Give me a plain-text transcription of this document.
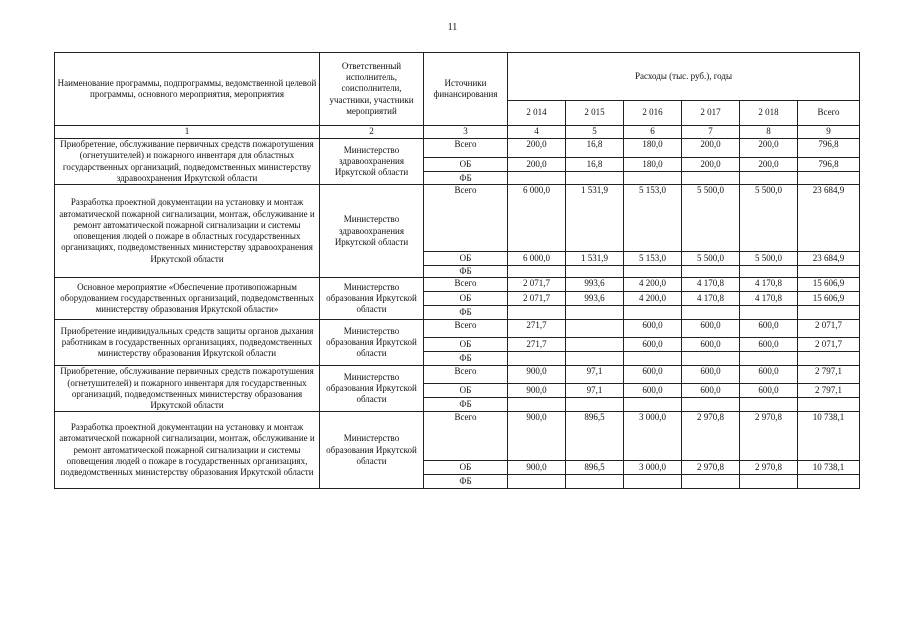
11
Наименование программы, подпрограммы, ведомственной целевой программы, основного мероприятия, мероприятия	Ответственный исполнитель, соисполнители, участники, участники мероприятий	Источники финансирования	Расходы (тыс. руб.), годы					
			2 014	2 015	2 016	2 017	2 018	Всего
1	2	3	4	5	6	7	8	9
Приобретение, обслуживание первичных средств пожаротушения (огнетушителей) и пожарного инвентаря для областных государственных организаций, подведомственных министерству здравоохранения Иркутской области	Министерство здравоохранения Иркутской области	Всего	200,0	16,8	180,0	200,0	200,0	796,8
		ОБ	200,0	16,8	180,0	200,0	200,0	796,8
		ФБ						
Разработка проектной документации на установку и монтаж автоматической пожарной сигнализации, монтаж, обслуживание и ремонт автоматической пожарной сигнализации и системы оповещения людей о пожаре в областных государственных организациях, подведомственных министерству здравоохранения Иркутской области	Министерство здравоохранения Иркутской области	Всего	6 000,0	1 531,9	5 153,0	5 500,0	5 500,0	23 684,9
		ОБ	6 000,0	1 531,9	5 153,0	5 500,0	5 500,0	23 684,9
		ФБ						
Основное мероприятие «Обеспечение противопожарным оборудованием государственных организаций, подведомственных министерству образования Иркутской области»	Министерство образования Иркутской области	Всего	2 071,7	993,6	4 200,0	4 170,8	4 170,8	15 606,9
		ОБ	2 071,7	993,6	4 200,0	4 170,8	4 170,8	15 606,9
		ФБ						
Приобретение индивидуальных средств защиты органов дыхания работникам в государственных организациях, подведомственных министерству образования Иркутской области	Министерство образования Иркутской области	Всего	271,7		600,0	600,0	600,0	2 071,7
		ОБ	271,7		600,0	600,0	600,0	2 071,7
		ФБ						
Приобретение, обслуживание первичных средств пожаротушения (огнетушителей) и пожарного инвентаря для государственных организаций, подведомственных министерству образования Иркутской области	Министерство образования Иркутской области	Всего	900,0	97,1	600,0	600,0	600,0	2 797,1
		ОБ	900,0	97,1	600,0	600,0	600,0	2 797,1
		ФБ						
Разработка проектной документации на установку и монтаж автоматической пожарной сигнализации, монтаж, обслуживание и ремонт автоматической пожарной сигнализации и системы оповещения людей о пожаре в государственных организациях, подведомственных министерству образования Иркутской области	Министерство образования Иркутской области	Всего	900,0	896,5	3 000,0	2 970,8	2 970,8	10 738,1
		ОБ	900,0	896,5	3 000,0	2 970,8	2 970,8	10 738,1
		ФБ						
